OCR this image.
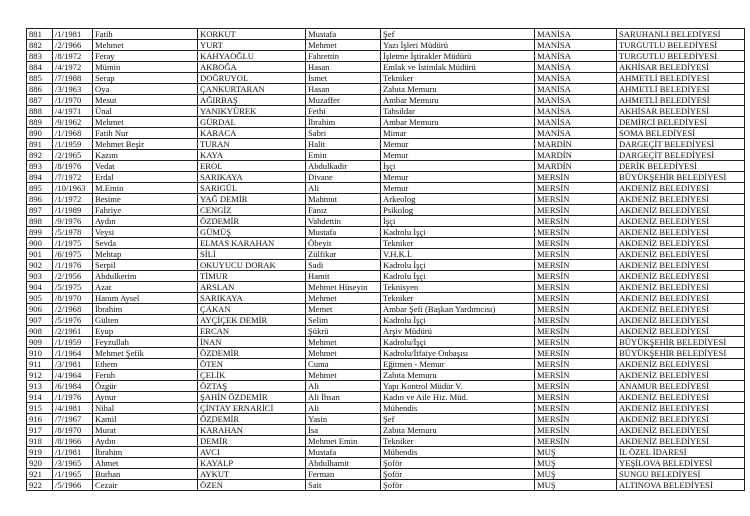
881	/1/1981	Fatih	KORKUT	Mustafa	Şef	MANİSA	SARUHANLI BELEDİYESİ
882	/2/1966	Mehmet	YURT	Mehmet	Yazı İşleri Müdürü	MANİSA	TURGUTLU BELEDİYESİ
883	/8/1972	Feray	KAHYAOĞLU	Fahrettin	İşletme İştirakler Müdürü	MANİSA	TURGUTLU BELEDİYESİ
884	/4/1972	Mümin	AKBOĞA	Hasan	Emlak ve İstimlak Müdürü	MANİSA	AKHİSAR BELEDİYESİ
885	/7/1988	Serap	DOĞRUYOL	İsmet	Tekniker	MANİSA	AHMETLİ BELEDİYESİ
886	/3/1963	Oya	ÇANKURTARAN	Hasan	Zabıta Memuru	MANİSA	AHMETLİ BELEDİYESİ
887	/1/1970	Mesut	AĞIRBAŞ	Muzaffer	Ambar Memuru	MANİSA	AHMETLİ BELEDİYESİ
888	/4/1971	Ünal	YANIKYÜREK	Fethi	Tahsildar	MANİSA	AKHİSAR BELEDİYESİ
889	/9/1962	Mehmet	GÜRDAL	İbrahim	Ambar Memuru	MANİSA	DEMİRCİ BELEDİYESİ
890	/1/1968	Fatih Nur	KARACA	Sabri	Mimar	MANİSA	SOMA BELEDİYESİ
891	/1/1959	Mehmet Beşir	TURAN	Halit	Memur	MARDİN	DARGEÇİT BELEDİYESİ
892	/2/1965	Kazım	KAYA	Emin	Memur	MARDİN	DARGEÇİT BELEDİYESİ
893	/8/1976	Vedat	EROL	Abdulkadir	İşçi	MARDİN	DERİK BELEDİYESİ
894	/7/1972	Erdal	SARIKAYA	Divane	Memur	MERSİN	BÜYÜKŞEHİR BELEDİYESİ
895	/10/1963	M.Emin	SARIGÜL	Ali	Memur	MERSİN	AKDENİZ BELEDİYESİ
896	/1/1972	Besime	YAĞ DEMİR	Mahmut	Arkeolog	MERSİN	AKDENİZ BELEDİYESİ
897	/1/1989	Fahriye	CENGİZ	Fanız	Psikolog	MERSİN	AKDENİZ BELEDİYESİ
898	/9/1976	Aydın	ÖZDEMİR	Vahdettin	İşçi	MERSİN	AKDENİZ BELEDİYESİ
899	/5/1978	Veysi	GÜMÜŞ	Mustafa	Kadrolu İşçi	MERSİN	AKDENİZ BELEDİYESİ
900	/1/1975	Sevda	ELMAS KARAHAN	Öbeyit	Tekniker	MERSİN	AKDENİZ BELEDİYESİ
901	/6/1975	Mehtap	SİLİ	Zülfikar	V.H.K.İ.	MERSİN	AKDENİZ BELEDİYESİ
902	/1/1976	Serpil	OKUYUCU DORAK	Sadi	Kadrolu İşçi	MERSİN	AKDENİZ BELEDİYESİ
903	/2/1956	Abdulkerim	TİMUR	Hamit	Kadrolu İşçi	MERSİN	AKDENİZ BELEDİYESİ
904	/5/1975	Azat	ARSLAN	Mehmet Hüseyin	Teknisyen	MERSİN	AKDENİZ BELEDİYESİ
905	/8/1970	Hanım Aysel	SARIKAYA	Mehmet	Tekniker	MERSİN	AKDENİZ BELEDİYESİ
906	/2/1968	İbrahim	ÇAKAN	Memet	Ambar Şefi (Başkan Yardımcısı)	MERSİN	AKDENİZ BELEDİYESİ
907	/5/1976	Gülten	AYÇİÇEK DEMİR	Selim	Kadrolu İşçi	MERSİN	AKDENİZ BELEDİYESİ
908	/2/1961	Eyup	ERCAN	Şükrü	Arşiv Müdürü	MERSİN	AKDENİZ BELEDİYESİ
909	/1/1959	Feyzullah	İNAN	Mehmet	Kadrolu/İşçi	MERSİN	BÜYÜKŞEHİR BELEDİYESİ
910	/1/1964	Mehmet Şefik	ÖZDEMİR	Mehmet	Kadrolu/İtfaiye Onbaşısı	MERSİN	BÜYÜKŞEHİR BELEDİYESİ
911	/3/1981	Ethem	ÖTEN	Cuma	Eğitmen - Memur	MERSİN	AKDENİZ BELEDİYESİ
912	/4/1964	Feruh	ÇELİK	Mehmet	Zabıta Memuru	MERSİN	AKDENİZ BELEDİYESİ
913	/6/1984	Özgür	ÖZTAŞ	Ali	Yapı Kontrol Müdür V.	MERSİN	ANAMUR BELEDİYESİ
914	/1/1976	Aynur	ŞAHİN ÖZDEMİR	Ali İhsan	Kadın ve Aile Hiz. Müd.	MERSİN	AKDENİZ BELEDİYESİ
915	/4/1981	Nihal	ÇİNTAY ERNARİCİ	Ali	Mühendis	MERSİN	AKDENİZ BELEDİYESİ
916	/7/1967	Kamil	ÖZDEMİR	Yasin	Şef	MERSİN	AKDENİZ BELEDİYESİ
917	/8/1970	Murat	KARAHAN	İsa	Zabıta Memuru	MERSİN	AKDENİZ BELEDİYESİ
918	/8/1966	Aydın	DEMİR	Mehmet Emin	Tekniker	MERSİN	AKDENİZ BELEDİYESİ
919	/1/1981	İbrahim	AVCI	Mustafa	Mühendis	MUŞ	İL ÖZEL İDARESİ
920	/3/1965	Ahmet	KAYALP	Abdulhamit	Şoför	MUŞ	YEŞİLOVA BELEDİYESİ
921	/1/1965	Burhan	AYKUT	Ferman	Şoför	MUŞ	SUNGU BELEDİYESİ
922	/5/1966	Cezair	ÖZEN	Sait	Şoför	MUŞ	ALTINOVA BELEDİYESİ
